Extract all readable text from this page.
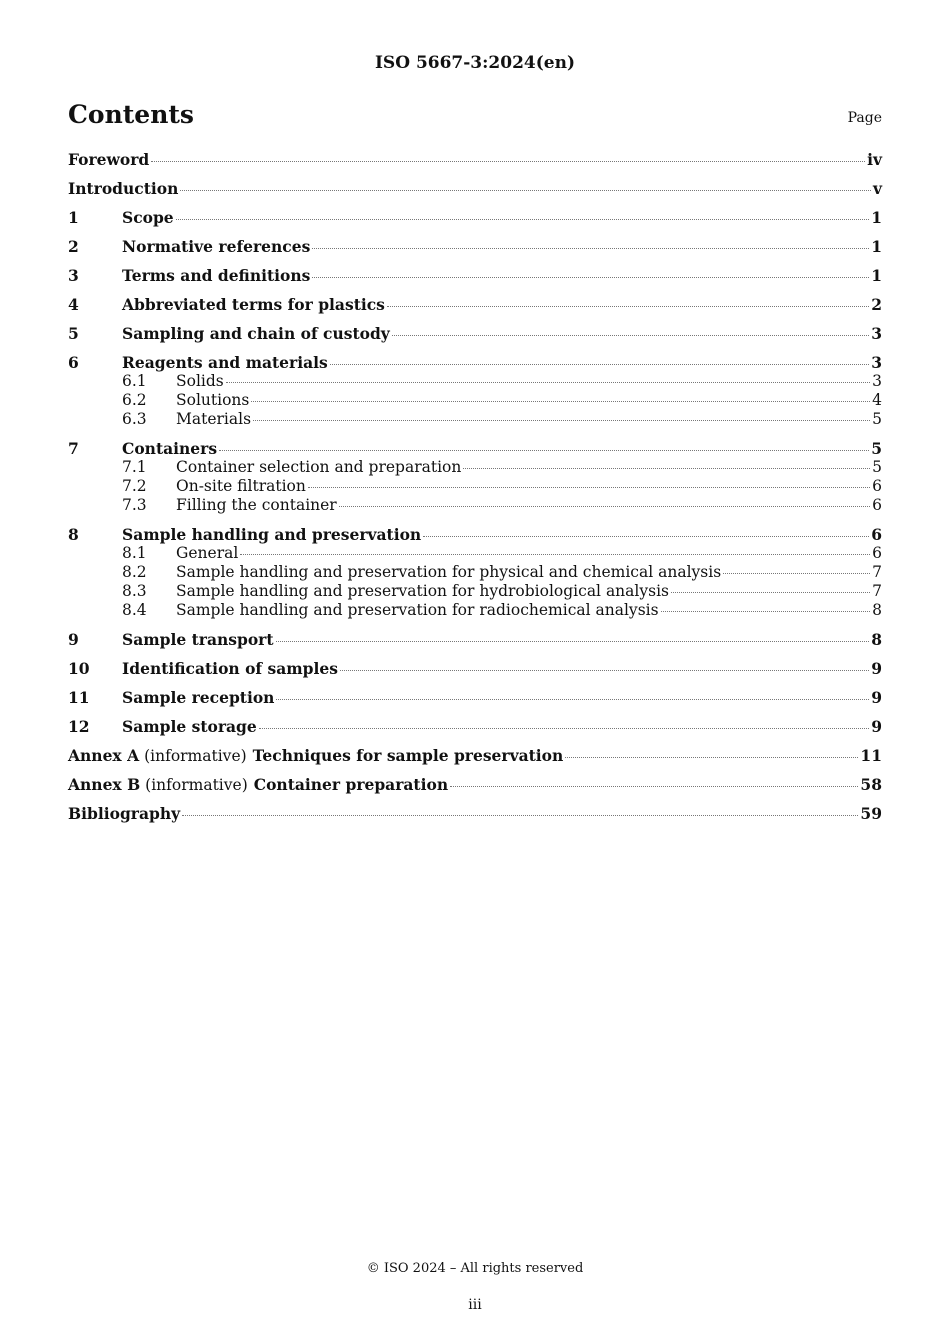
ISO 5667-3:2024(en)
Contents	Page
Foreword	iv
Introduction	v
1	Scope	1
2	Normative references	1
3	Terms and definitions	1
4	Abbreviated terms for plastics	2
5	Sampling and chain of custody	3
6	Reagents and materials	3
6.1	Solids	3
6.2	Solutions	4
6.3	Materials	5
7	Containers	5
7.1	Container selection and preparation	5
7.2	On-site filtration	6
7.3	Filling the container	6
8	Sample handling and preservation	6
8.1	General	6
8.2	Sample handling and preservation for physical and chemical analysis	7
8.3	Sample handling and preservation for hydrobiological analysis	7
8.4	Sample handling and preservation for radiochemical analysis	8
9	Sample transport	8
10	Identification of samples	9
11	Sample reception	9
12	Sample storage	9
Annex A (informative) Techniques for sample preservation	11
Annex B (informative) Container preparation	58
Bibliography	59
© ISO 2024 – All rights reserved
iii
